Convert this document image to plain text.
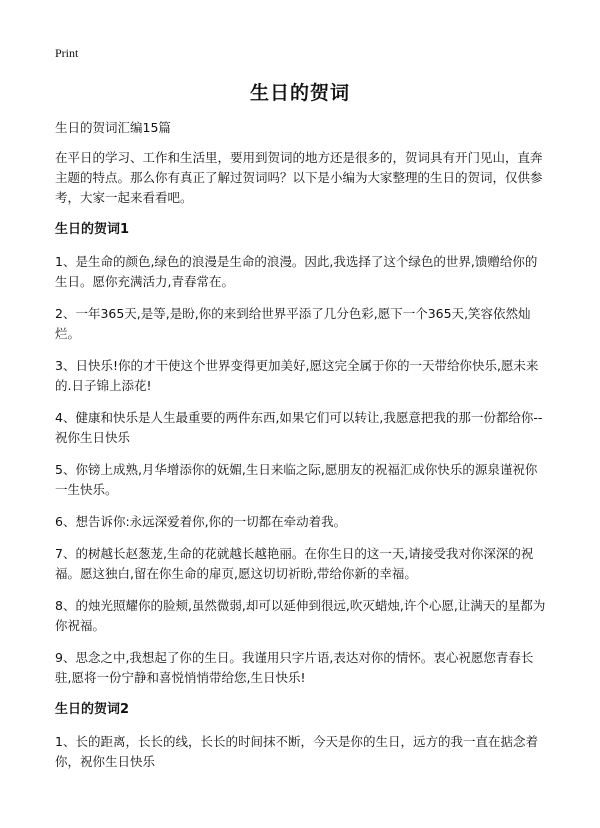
Print
生日的贺词
生日的贺词汇编15篇

在平日的学习、工作和生活里，要用到贺词的地方还是很多的，贺词具有开门见山，直奔主题的特点。那么你有真正了解过贺词吗？以下是小编为大家整理的生日的贺词，仅供参考，大家一起来看看吧。

生日的贺词1

1、是生命的颜色,绿色的浪漫是生命的浪漫。因此,我选择了这个绿色的世界,馈赠给你的生日。愿你充满活力,青春常在。

2、一年365天,是等,是盼,你的来到给世界平添了几分色彩,愿下一个365天,笑容依然灿烂。

3、日快乐!你的才干使这个世界变得更加美好,愿这完全属于你的一天带给你快乐,愿未来的.日子锦上添花!

4、健康和快乐是人生最重要的两件东西,如果它们可以转让,我愿意把我的那一份都给你--祝你生日快乐

5、你镑上成熟,月华增添你的妩媚,生日来临之际,愿朋友的祝福汇成你快乐的源泉谨祝你一生快乐。

6、想告诉你:永远深爱着你,你的一切都在牵动着我。

7、的树越长赵葱茏,生命的花就越长越艳丽。在你生日的这一天,请接受我对你深深的祝福。愿这独白,留在你生命的扉页,愿这切切祈盼,带给你新的幸福。

8、的烛光照耀你的脸颊,虽然微弱,却可以延伸到很远,吹灭蜡烛,许个心愿,让满天的星都为你祝福。

9、思念之中,我想起了你的生日。我谨用只字片语,表达对你的情怀。衷心祝愿您青春长驻,愿将一份宁静和喜悦悄悄带给您,生日快乐!

生日的贺词2

1、长的距离，长长的线，长长的时间抹不断，今天是你的生日，远方的我一直在掂念着你，祝你生日快乐
